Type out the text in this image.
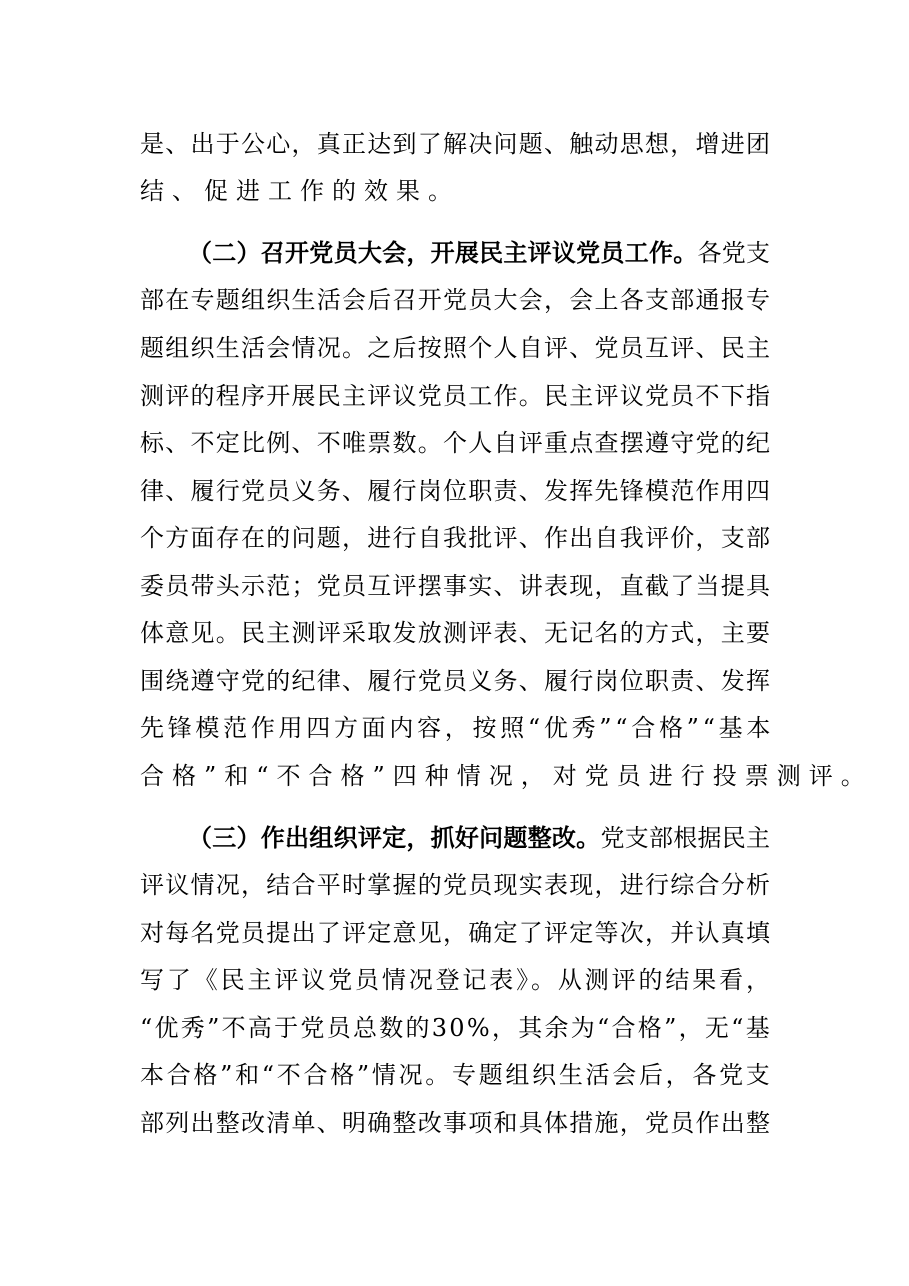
是、出于公心，真正达到了解决问题、触动思想，增进团
结、促进工作的效果。
（二）召开党员大会，开展民主评议党员工作。各党支
部在专题组织生活会后召开党员大会，会上各支部通报专
题组织生活会情况。之后按照个人自评、党员互评、民主
测评的程序开展民主评议党员工作。民主评议党员不下指
标、不定比例、不唯票数。个人自评重点查摆遵守党的纪
律、履行党员义务、履行岗位职责、发挥先锋模范作用四
个方面存在的问题，进行自我批评、作出自我评价，支部
委员带头示范；党员互评摆事实、讲表现，直截了当提具
体意见。民主测评采取发放测评表、无记名的方式，主要
围绕遵守党的纪律、履行党员义务、履行岗位职责、发挥
先锋模范作用四方面内容，按照“优秀”“合格”“基本
合格”和“不合格”四种情况，对党员进行投票测评。
（三）作出组织评定，抓好问题整改。党支部根据民主
评议情况，结合平时掌握的党员现实表现，进行综合分析
对每名党员提出了评定意见，确定了评定等次，并认真填
写了《民主评议党员情况登记表》。从测评的结果看，
“优秀”不高于党员总数的30%，其余为“合格”，无“基
本合格”和“不合格”情况。专题组织生活会后，各党支
部列出整改清单、明确整改事项和具体措施，党员作出整
